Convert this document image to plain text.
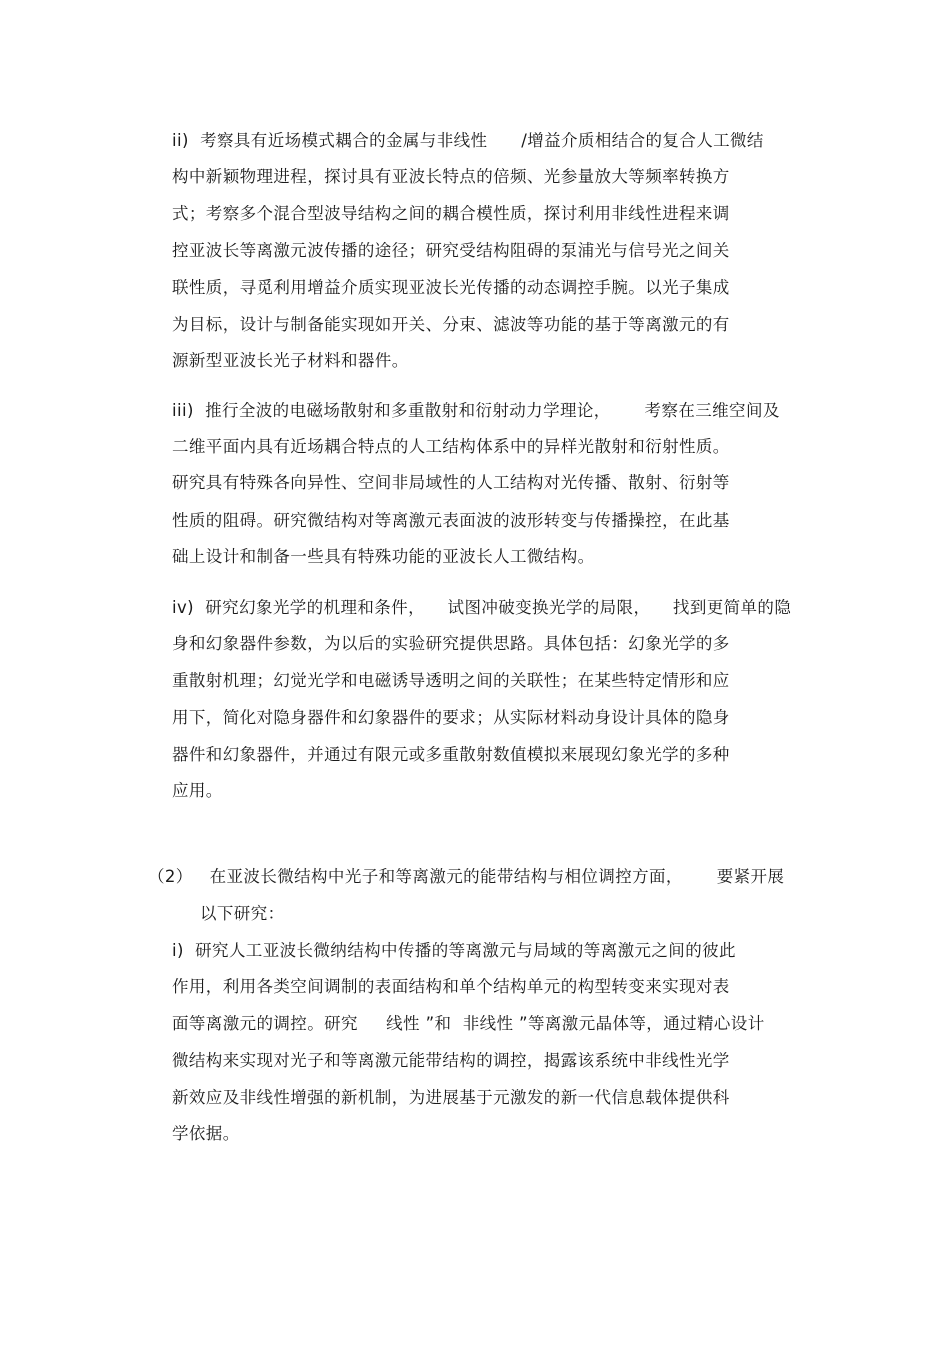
ii)  考察具有近场模式耦合的金属与非线性      /增益介质相结合的复合人工微结
构中新颖物理进程，探讨具有亚波长特点的倍频、光参量放大等频率转换方
式；考察多个混合型波导结构之间的耦合模性质，探讨利用非线性进程来调
控亚波长等离激元波传播的途径；研究受结构阻碍的泵浦光与信号光之间关
联性质，寻觅利用增益介质实现亚波长光传播的动态调控手腕。以光子集成
为目标，设计与制备能实现如开关、分束、滤波等功能的基于等离激元的有
源新型亚波长光子材料和器件。
iii)  推行全波的电磁场散射和多重散射和衍射动力学理论，      考察在三维空间及
二维平面内具有近场耦合特点的人工结构体系中的异样光散射和衍射性质。
研究具有特殊各向异性、空间非局域性的人工结构对光传播、散射、衍射等
性质的阻碍。研究微结构对等离激元表面波的波形转变与传播操控，在此基
础上设计和制备一些具有特殊功能的亚波长人工微结构。
iv)  研究幻象光学的机理和条件，    试图冲破变换光学的局限，    找到更简单的隐
身和幻象器件参数，为以后的实验研究提供思路。具体包括：幻象光学的多
重散射机理；幻觉光学和电磁诱导透明之间的关联性；在某些特定情形和应
用下，简化对隐身器件和幻象器件的要求；从实际材料动身设计具体的隐身
器件和幻象器件，并通过有限元或多重散射数值模拟来展现幻象光学的多种
应用。
（2）   在亚波长微结构中光子和等离激元的能带结构与相位调控方面，      要紧开展
以下研究：
i)  研究人工亚波长微纳结构中传播的等离激元与局域的等离激元之间的彼此
作用，利用各类空间调制的表面结构和单个结构单元的构型转变来实现对表
面等离激元的调控。研究     线性 ”和  非线性 ”等离激元晶体等，通过精心设计
微结构来实现对光子和等离激元能带结构的调控，揭露该系统中非线性光学
新效应及非线性增强的新机制，为进展基于元激发的新一代信息载体提供科
学依据。
